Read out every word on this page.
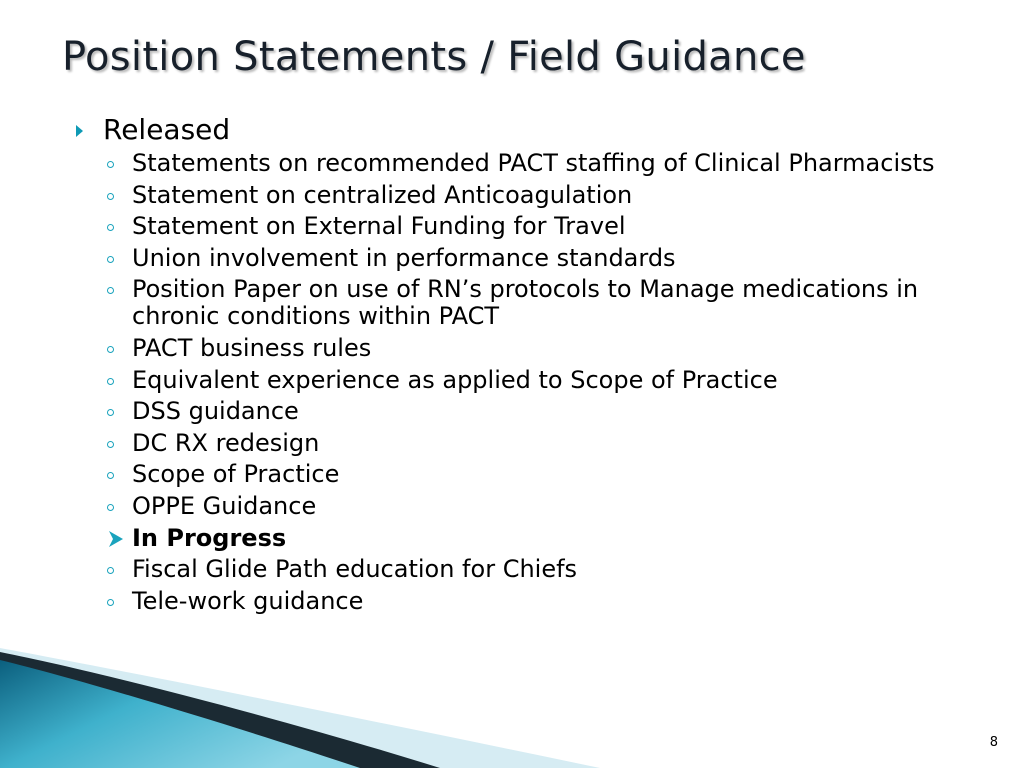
Position Statements / Field Guidance
Released
Statements on recommended PACT staffing of Clinical Pharmacists
Statement on centralized Anticoagulation
Statement on External Funding for Travel
Union involvement in performance standards
Position Paper on use of RN’s protocols to Manage medications in chronic conditions within PACT
PACT business rules
Equivalent experience as applied to Scope of Practice
DSS guidance
DC RX redesign
Scope of Practice
OPPE Guidance
In Progress
Fiscal Glide Path education for Chiefs
Tele-work guidance
8
